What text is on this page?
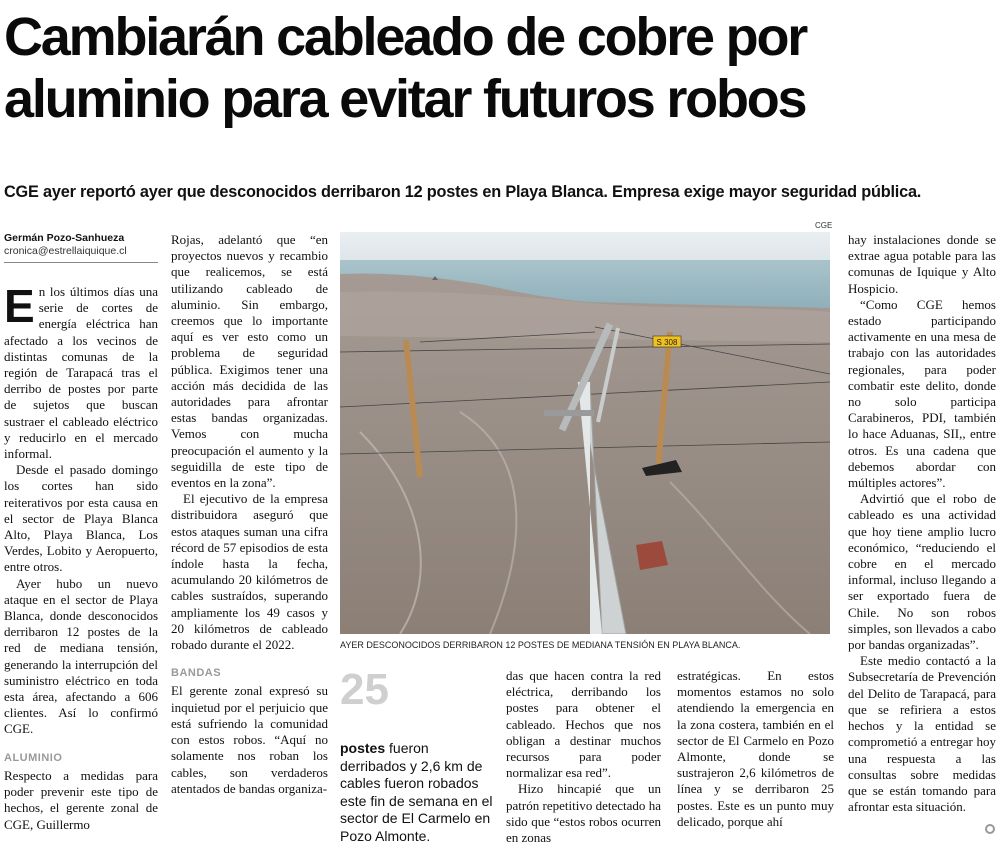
Cambiarán cableado de cobre por
aluminio para evitar futuros robos
CGE ayer reportó ayer que desconocidos derribaron 12 postes en Playa Blanca. Empresa exige mayor seguridad pública.
Germán Pozo-Sanhueza
cronica@estrellaiquique.cl

En los últimos días una serie de cortes de energía eléctrica han afectado a los vecinos de distintas comunas de la región de Tarapacá tras el derribo de postes por parte de sujetos que buscan sustraer el cableado eléctrico y reducirlo en el mercado informal.

Desde el pasado domingo los cortes han sido reiterativos por esta causa en el sector de Playa Blanca Alto, Playa Blanca, Los Verdes, Lobito y Aeropuerto, entre otros.

Ayer hubo un nuevo ataque en el sector de Playa Blanca, donde desconocidos derribaron 12 postes de la red de mediana tensión, generando la interrupción del suministro eléctrico en toda esta área, afectando a 606 clientes. Así lo confirmó CGE.

ALUMINIO

Respecto a medidas para poder prevenir este tipo de hechos, el gerente zonal de CGE, Guillermo

Rojas, adelantó que “en proyectos nuevos y recambio que realicemos, se está utilizando cableado de aluminio. Sin embargo, creemos que lo importante aquí es ver esto como un problema de seguridad pública. Exigimos tener una acción más decidida de las autoridades para afrontar estas bandas organizadas. Vemos con mucha preocupación el aumento y la seguidilla de este tipo de eventos en la zona”.

El ejecutivo de la empresa distribuidora aseguró que estos ataques suman una cifra récord de 57 episodios de esta índole hasta la fecha, acumulando 20 kilómetros de cables sustraídos, superando ampliamente los 49 casos y 20 kilómetros de cableado robado durante el 2022.

BANDAS

El gerente zonal expresó su inquietud por el perjuicio que está sufriendo la comunidad con estos robos. “Aquí no solamente nos roban los cables, son verdaderos atentados de bandas organiza-

CGE
S 308
AYER DESCONOCIDOS DERRIBARON 12 POSTES DE MEDIANA TENSIÓN EN PLAYA BLANCA.
25
postes fueron derribados y 2,6 km de cables fueron robados este fin de semana en el sector de El Carmelo en Pozo Almonte.

das que hacen contra la red eléctrica, derribando los postes para obtener el cableado. Hechos que nos obligan a destinar muchos recursos para poder normalizar esa red”.

Hizo hincapié que un patrón repetitivo detectado ha sido que “estos robos ocurren en zonas

estratégicas. En estos momentos estamos no solo atendiendo la emergencia en la zona costera, también en el sector de El Carmelo en Pozo Almonte, donde se sustrajeron 2,6 kilómetros de línea y se derribaron 25 postes. Este es un punto muy delicado, porque ahí

hay instalaciones donde se extrae agua potable para las comunas de Iquique y Alto Hospicio.

“Como CGE hemos estado participando activamente en una mesa de trabajo con las autoridades regionales, para poder combatir este delito, donde no solo participa Carabineros, PDI, también lo hace Aduanas, SII,, entre otros. Es una cadena que debemos abordar con múltiples actores”.

Advirtió que el robo de cableado es una actividad que hoy tiene amplio lucro económico, “reduciendo el cobre en el mercado informal, incluso llegando a ser exportado fuera de Chile. No son robos simples, son llevados a cabo por bandas organizadas”.

Este medio contactó a la Subsecretaría de Prevención del Delito de Tarapacá, para que se refiriera a estos hechos y la entidad se comprometió a entregar hoy una respuesta a las consultas sobre medidas que se están tomando para afrontar esta situación.
